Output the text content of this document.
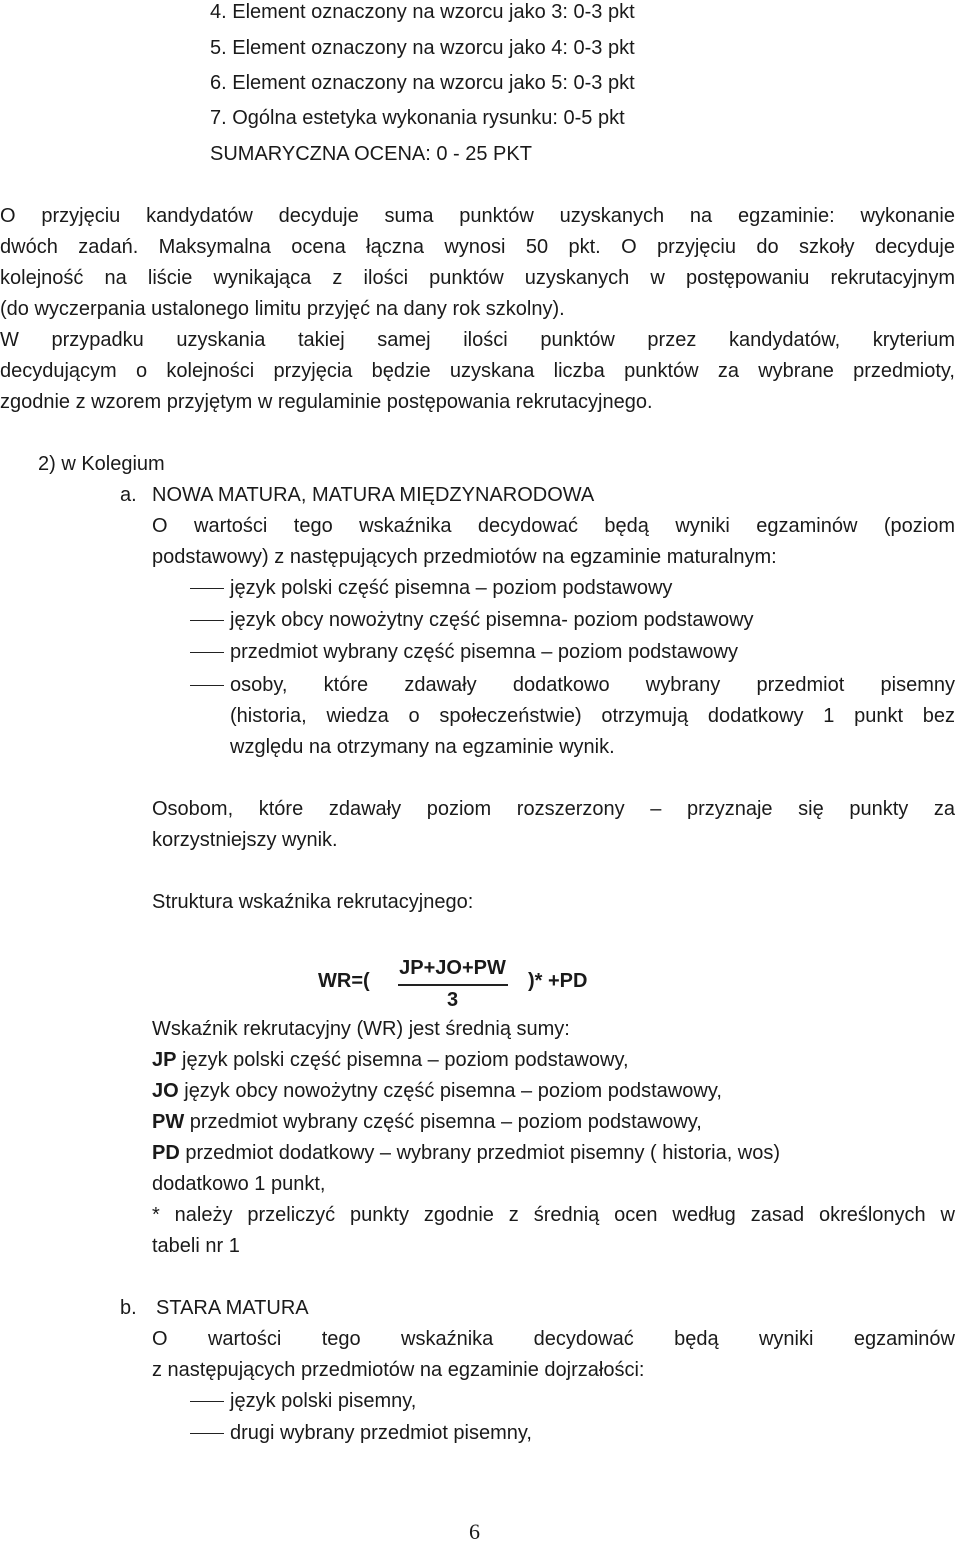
4. Element oznaczony na wzorcu jako 3: 0-3 pkt
5. Element oznaczony na wzorcu jako 4: 0-3 pkt
6. Element oznaczony na wzorcu jako 5: 0-3 pkt
7. Ogólna estetyka wykonania rysunku: 0-5 pkt
SUMARYCZNA OCENA: 0 - 25 PKT
O przyjęciu kandydatów decyduje suma punktów uzyskanych na egzaminie: wykonanie
dwóch zadań. Maksymalna ocena łączna wynosi 50 pkt. O przyjęciu do szkoły decyduje
kolejność na liście wynikająca z ilości punktów uzyskanych w postępowaniu rekrutacyjnym
(do wyczerpania ustalonego limitu przyjęć na dany rok szkolny).
W przypadku uzyskania takiej samej ilości punktów przez kandydatów, kryterium
decydującym o kolejności przyjęcia będzie uzyskana liczba punktów za wybrane przedmioty,
zgodnie z wzorem przyjętym w regulaminie postępowania rekrutacyjnego.
2) w Kolegium
a. NOWA MATURA, MATURA MIĘDZYNARODOWA
O wartości tego wskaźnika decydować będą wyniki egzaminów (poziom
podstawowy) z następujących przedmiotów na egzaminie maturalnym:
język polski część pisemna – poziom podstawowy
język obcy nowożytny część pisemna- poziom podstawowy
przedmiot wybrany część pisemna – poziom podstawowy
osoby, które zdawały dodatkowo wybrany przedmiot pisemny
(historia, wiedza o społeczeństwie) otrzymują dodatkowy 1 punkt bez
względu na otrzymany na egzaminie wynik.
Osobom, które zdawały poziom rozszerzony – przyznaje się punkty za
korzystniejszy wynik.
Struktura wskaźnika rekrutacyjnego:
WR=(
JP+JO+PW
3
)* +PD
Wskaźnik rekrutacyjny (WR) jest średnią sumy:
JP język polski część pisemna – poziom podstawowy,
JO język obcy nowożytny część pisemna – poziom podstawowy,
PW przedmiot wybrany część pisemna – poziom podstawowy,
PD przedmiot dodatkowy – wybrany przedmiot pisemny ( historia, wos)
dodatkowo 1 punkt,
* należy przeliczyć punkty zgodnie z średnią ocen według zasad określonych w
tabeli nr 1
b. STARA MATURA
O wartości tego wskaźnika decydować będą wyniki egzaminów
z następujących przedmiotów na egzaminie dojrzałości:
język polski pisemny,
drugi wybrany przedmiot pisemny,
6
